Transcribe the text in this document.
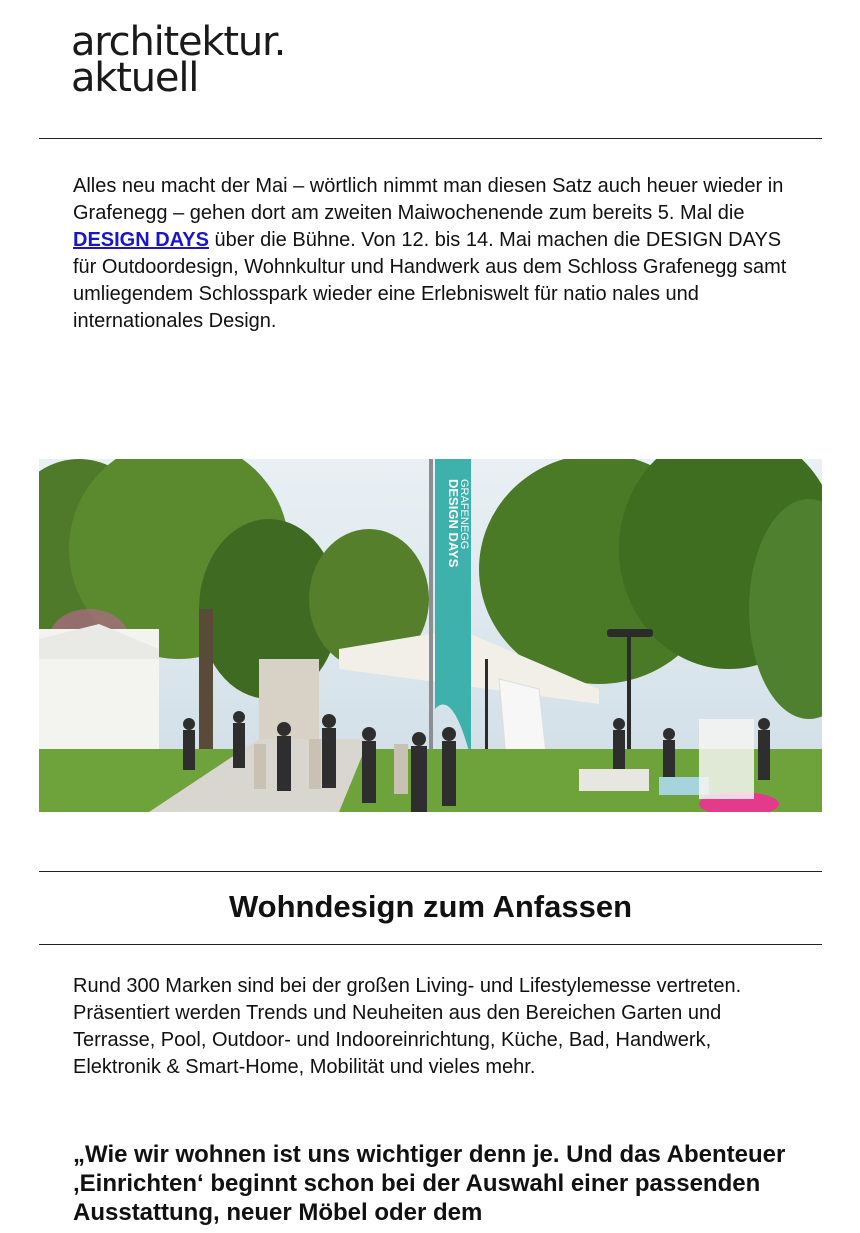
architektur.
aktuell

Alles neu macht der Mai – wörtlich nimmt man diesen Satz auch heuer wieder in Grafenegg – gehen dort am zweiten Maiwochenende zum bereits 5. Mal die DESIGN DAYS über die Bühne. Von 12. bis 14. Mai machen die DESIGN DAYS für Outdoordesign, Wohnkultur und Handwerk aus dem Schloss Grafenegg samt umliegendem Schlosspark wieder eine Erlebniswelt für natio nales und internationales Design.

DESIGN DAYS
GRAFENEGG
Wohndesign zum Anfassen

Rund 300 Marken sind bei der großen Living- und Lifestylemesse vertreten. Präsentiert werden Trends und Neuheiten aus den Bereichen Garten und Terrasse, Pool, Outdoor- und Indooreinrichtung, Küche, Bad, Handwerk, Elektronik & Smart-Home, Mobilität und vieles mehr.

„Wie wir wohnen ist uns wichtiger denn je. Und das Abenteuer ‚Einrichten‘ beginnt schon bei der Auswahl einer passenden Ausstattung, neuer Möbel oder dem
